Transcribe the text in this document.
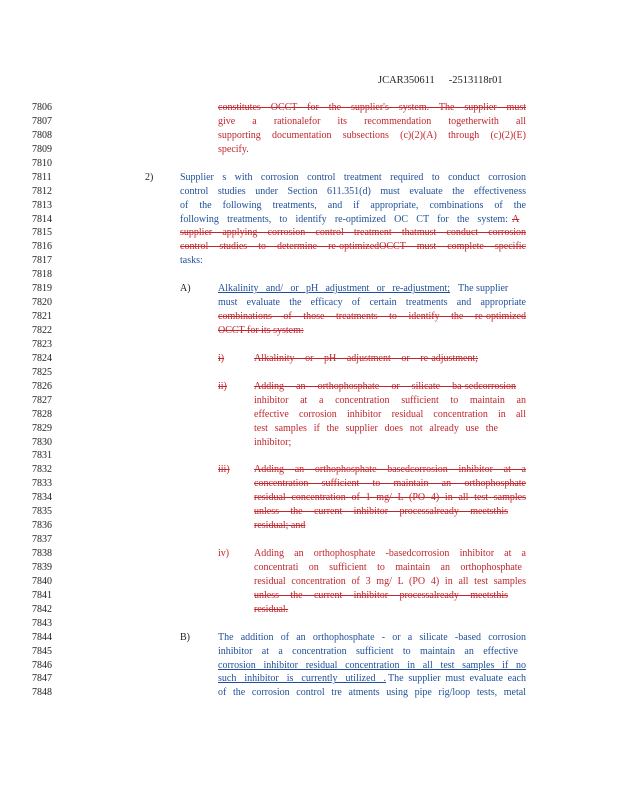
JCAR350611 -2513118r01
7806	constitutes OCCT for the supplier's system. The supplier must
7807	give a rationalefor its recommendation togetherwith all
7808	supporting documentation subsections (c)(2)(A) through (c)(2)(E)
7809	specify.
7810
7811	2)	Supplier s with corrosion control treatment required to conduct corrosion
7812	control studies under Section 611.351(d) must evaluate the effectiveness
7813	of the following treatments, and if appropriate, combinations of the
7814	following treatments, to identify re-optimized OC CT for the system: A
7815	supplier applying corrosion control treatment thatmust conduct corrosion
7816	control studies to determine re-optimizedOCCT must complete specific
7817	tasks:
7818
7819	A)	Alkalinity and/ or pH adjustment or re-adjustment; The supplier
7820	must evaluate the efficacy of certain treatments and appropriate
7821	combinations of those treatments to identify the re-optimized
7822	OCCT for its system:
7823
7824	i)	Alkalinity or pH adjustment or re-adjustment;
7825
7826	ii)	Adding an orthophosphate or silicate ba-sedcorrosion
7827	inhibitor at a concentration sufficient to maintain an
7828	effective corrosion inhibitor residual concentration in all
7829	test samples if the supplier does not already use the
7830	inhibitor;
7831
7832	iii) Adding an orthophosphate basedcorrosion inhibitor at a
7833	concentration sufficient to maintain an orthophosphate
7834	residual concentration of 1 mg/ L (PO 4) in all test samples
7835	unless the current inhibitor processalready meetsthis
7836	residual; and
7837
7838	iv) Adding an orthophosphate -basedcorrosion inhibitor at a
7839	concentrati on sufficient to maintain an orthophosphate
7840	residual concentration of 3 mg/ L (PO 4) in all test samples
7841	unless the current inhibitor processalready meetsthis
7842	residual.
7843
7844	B)	The addition of an orthophosphate - or a silicate -based corrosion
7845	inhibitor at a concentration sufficient to maintain an effective
7846	corrosion inhibitor residual concentration in all test samples if no
7847	such inhibitor is currently utilized . The supplier must evaluate each
7848	of the corrosion control tre atments using pipe rig/loop tests, metal
